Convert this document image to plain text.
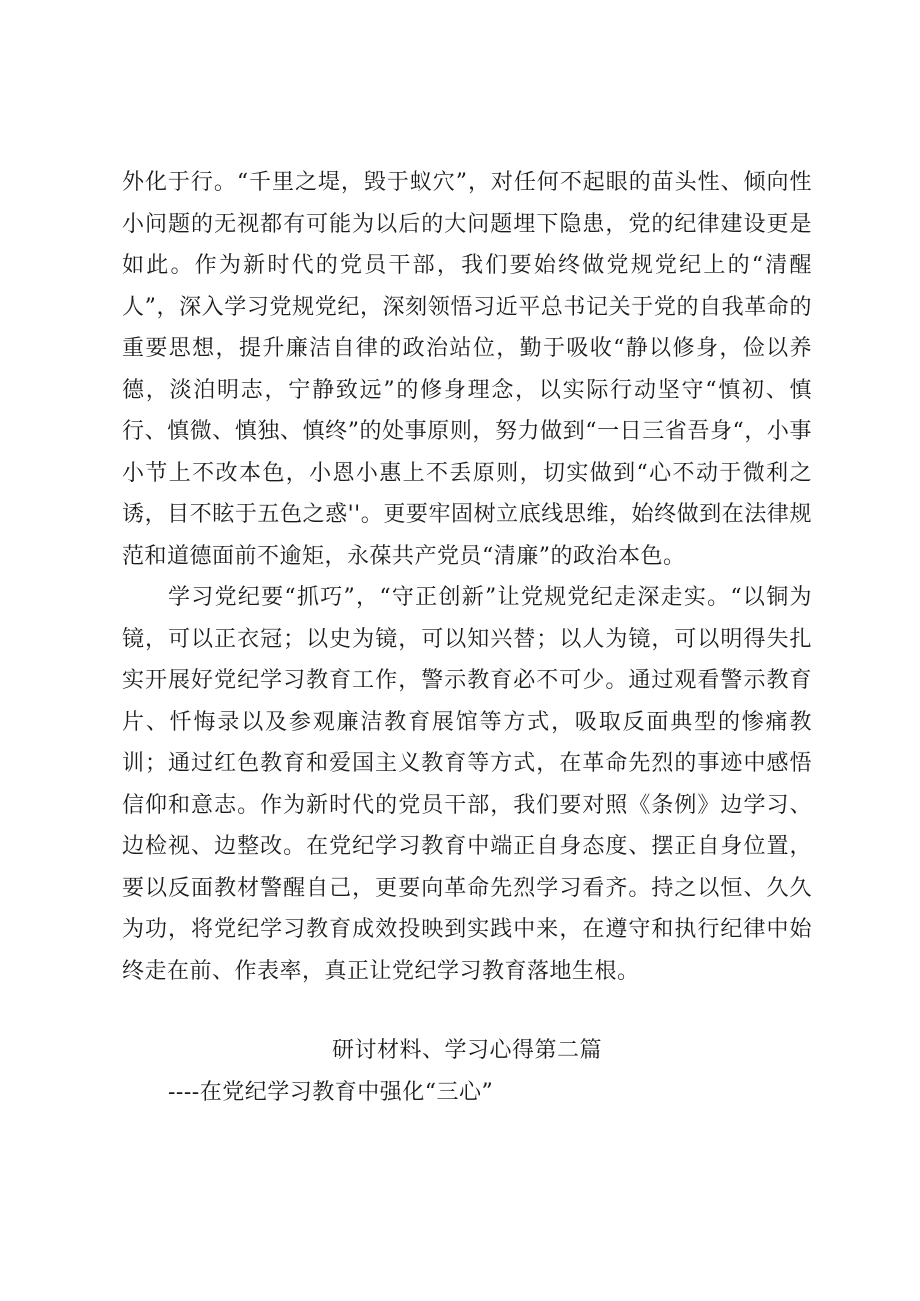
外化于行。“千里之堤，毁于蚁穴”，对任何不起眼的苗头性、倾向性小问题的无视都有可能为以后的大问题埋下隐患，党的纪律建设更是如此。作为新时代的党员干部，我们要始终做党规党纪上的“清醒人”，深入学习党规党纪，深刻领悟习近平总书记关于党的自我革命的重要思想，提升廉洁自律的政治站位，勤于吸收“静以修身，俭以养德，淡泊明志，宁静致远”的修身理念，以实际行动坚守“慎初、慎行、慎微、慎独、慎终”的处事原则，努力做到“一日三省吾身“，小事小节上不改本色，小恩小惠上不丢原则，切实做到“心不动于微利之诱，目不眩于五色之惑''。更要牢固树立底线思维，始终做到在法律规范和道德面前不逾矩，永葆共产党员“清廉”的政治本色。

学习党纪要“抓巧”，“守正创新”让党规党纪走深走实。“以铜为镜，可以正衣冠；以史为镜，可以知兴替；以人为镜，可以明得失扎实开展好党纪学习教育工作，警示教育必不可少。通过观看警示教育片、忏悔录以及参观廉洁教育展馆等方式，吸取反面典型的惨痛教训；通过红色教育和爱国主义教育等方式，在革命先烈的事迹中感悟信仰和意志。作为新时代的党员干部，我们要对照《条例》边学习、边检视、边整改。在党纪学习教育中端正自身态度、摆正自身位置，要以反面教材警醒自己，更要向革命先烈学习看齐。持之以恒、久久为功，将党纪学习教育成效投映到实践中来，在遵守和执行纪律中始终走在前、作表率，真正让党纪学习教育落地生根。

研讨材料、学习心得第二篇

----在党纪学习教育中强化“三心”
